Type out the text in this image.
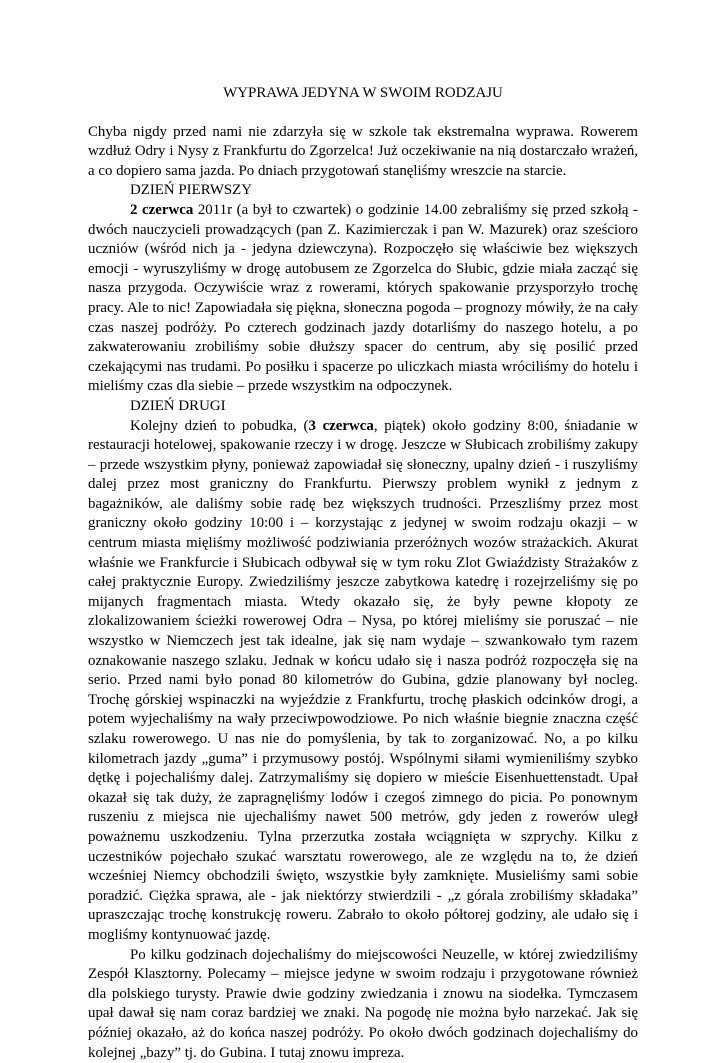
WYPRAWA JEDYNA W SWOIM RODZAJU

Chyba nigdy przed nami nie zdarzyła się w szkole tak ekstremalna wyprawa. Rowerem wzdłuż Odry i Nysy z Frankfurtu do Zgorzelca! Już oczekiwanie na nią dostarczało wrażeń, a co dopiero sama jazda. Po dniach przygotowań stanęliśmy wreszcie na starcie.

DZIEŃ PIERWSZY

2 czerwca 2011r (a był to czwartek) o godzinie 14.00 zebraliśmy się przed szkołą - dwóch nauczycieli prowadzących (pan Z. Kazimierczak i pan W. Mazurek) oraz sześcioro uczniów (wśród nich ja - jedyna dziewczyna). Rozpoczęło się właściwie bez większych emocji - wyruszyliśmy w drogę autobusem ze Zgorzelca do Słubic, gdzie miała zacząć się nasza przygoda. Oczywiście wraz z rowerami, których spakowanie przysporzyło trochę pracy. Ale to nic! Zapowiadała się piękna, słoneczna pogoda – prognozy mówiły, że na cały czas naszej podróży. Po czterech godzinach jazdy dotarliśmy do naszego hotelu, a po zakwaterowaniu zrobiliśmy sobie dłuższy spacer do centrum, aby się posilić przed czekającymi nas trudami. Po posiłku i spacerze po uliczkach miasta wróciliśmy do hotelu i mieliśmy czas dla siebie – przede wszystkim na odpoczynek.

DZIEŃ DRUGI

Kolejny dzień to pobudka, (3 czerwca, piątek) około godziny 8:00, śniadanie w restauracji hotelowej, spakowanie rzeczy i w drogę. Jeszcze w Słubicach zrobiliśmy zakupy – przede wszystkim płyny, ponieważ zapowiadał się słoneczny, upalny dzień - i ruszyliśmy dalej przez most graniczny do Frankfurtu. Pierwszy problem wynikł z jednym z bagażników, ale daliśmy sobie radę bez większych trudności. Przeszliśmy przez most graniczny około godziny 10:00 i – korzystając z jedynej w swoim rodzaju okazji – w centrum miasta mięliśmy możliwość podziwiania przeróżnych wozów strażackich. Akurat właśnie we Frankfurcie i Słubicach odbywał się w tym roku Zlot Gwiaździsty Strażaków z całej praktycznie Europy. Zwiedziliśmy jeszcze zabytkowa katedrę i rozejrzeliśmy się po mijanych fragmentach miasta. Wtedy okazało się, że były pewne kłopoty ze zlokalizowaniem ścieżki rowerowej Odra – Nysa, po której mieliśmy sie poruszać – nie wszystko w Niemczech jest tak idealne, jak się nam wydaje – szwankowało tym razem oznakowanie naszego szlaku. Jednak w końcu udało się i nasza podróż rozpoczęła się na serio. Przed nami było ponad 80 kilometrów do Gubina, gdzie planowany był nocleg. Trochę górskiej wspinaczki na wyjeździe z Frankfurtu, trochę płaskich odcinków drogi, a potem wyjechaliśmy na wały przeciwpowodziowe. Po nich właśnie biegnie znaczna część szlaku rowerowego. U nas nie do pomyślenia, by tak to zorganizować. No, a po kilku kilometrach jazdy „guma” i przymusowy postój. Wspólnymi siłami wymieniliśmy szybko dętkę i pojechaliśmy dalej. Zatrzymaliśmy się dopiero w mieście Eisenhuettenstadt. Upał okazał się tak duży, że zapragnęliśmy lodów i czegoś zimnego do picia. Po ponownym ruszeniu z miejsca nie ujechaliśmy nawet 500 metrów, gdy jeden z rowerów uległ poważnemu uszkodzeniu. Tylna przerzutka została wciągnięta w szprychy. Kilku z uczestników pojechało szukać warsztatu rowerowego, ale ze względu na to, że dzień wcześniej Niemcy obchodzili święto, wszystkie były zamknięte. Musieliśmy sami sobie poradzić. Ciężka sprawa, ale - jak niektórzy stwierdzili - „z górala zrobiliśmy składaka” upraszczając trochę konstrukcję roweru. Zabrało to około półtorej godziny, ale udało się i mogliśmy kontynuować jazdę.

Po kilku godzinach dojechaliśmy do miejscowości Neuzelle, w której zwiedziliśmy Zespół Klasztorny. Polecamy – miejsce jedyne w swoim rodzaju i przygotowane również dla polskiego turysty. Prawie dwie godziny zwiedzania i znowu na siodełka. Tymczasem upał dawał się nam coraz bardziej we znaki. Na pogodę nie można było narzekać. Jak się później okazało, aż do końca naszej podróży. Po około dwóch godzinach dojechaliśmy do kolejnej „bazy” tj. do Gubina. I tutaj znowu impreza.
